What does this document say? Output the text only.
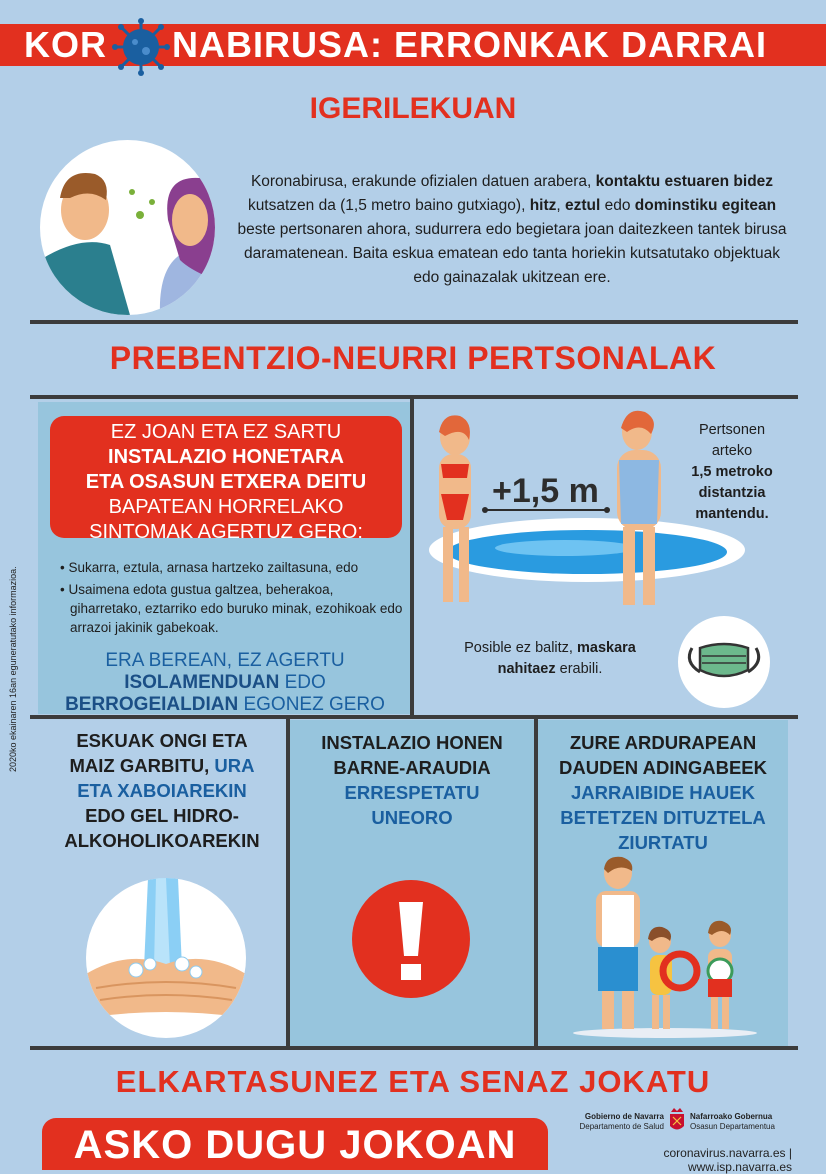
KOR NABIRUSA: ERRONKAK DARRAI
IGERILEKUAN
Koronabirusa, erakunde ofizialen datuen arabera, kontaktu estuaren bidez kutsatzen da (1,5 metro baino gutxiago), hitz, eztul edo dominstiku egitean beste pertsonaren ahora, sudurrera edo begietara joan daitezkeen tantek birusa daramatenean. Baita eskua ematean edo tanta horiekin kutsatutako objektuak edo gainazalak ukitzean ere.
PREBENTZIO-NEURRI PERTSONALAK
EZ JOAN ETA EZ SARTU
INSTALAZIO HONETARA
ETA OSASUN ETXERA DEITU
BAPATEAN HORRELAKO
SINTOMAK AGERTUZ GERO:
• Sukarra, eztula, arnasa hartzeko zailtasuna, edo
• Usaimena edota gustua galtzea, beherakoa, giharretako, eztarriko edo buruko minak, ezohikoak edo arrazoi jakinik gabekoak.
ERA BEREAN, EZ AGERTU
ISOLAMENDUAN EDO
BERROGEIALDIAN EGONEZ GERO
+1,5 m
Pertsonen
arteko
1,5 metroko
distantzia
mantendu.
Posible ez balitz, maskara
nahitaez erabili.
ESKUAK ONGI ETA
MAIZ GARBITU, URA
ETA XABOIAREKIN
EDO GEL HIDRO-
ALKOHOLIKOAREKIN
INSTALAZIO HONEN
BARNE-ARAUDIA
ERRESPETATU
UNEORO
ZURE ARDURAPEAN
DAUDEN ADINGABEEK
JARRAIBIDE HAUEK
BETETZEN DITUZTELA
ZIURTATU
2020ko ekainaren 16an eguneratutako informazioa.
ELKARTASUNEZ ETA SENAZ JOKATU
ASKO DUGU JOKOAN
Gobierno de Navarra
Departamento de Salud
Nafarroako Gobernua
Osasun Departamentua
coronavirus.navarra.es | www.isp.navarra.es
